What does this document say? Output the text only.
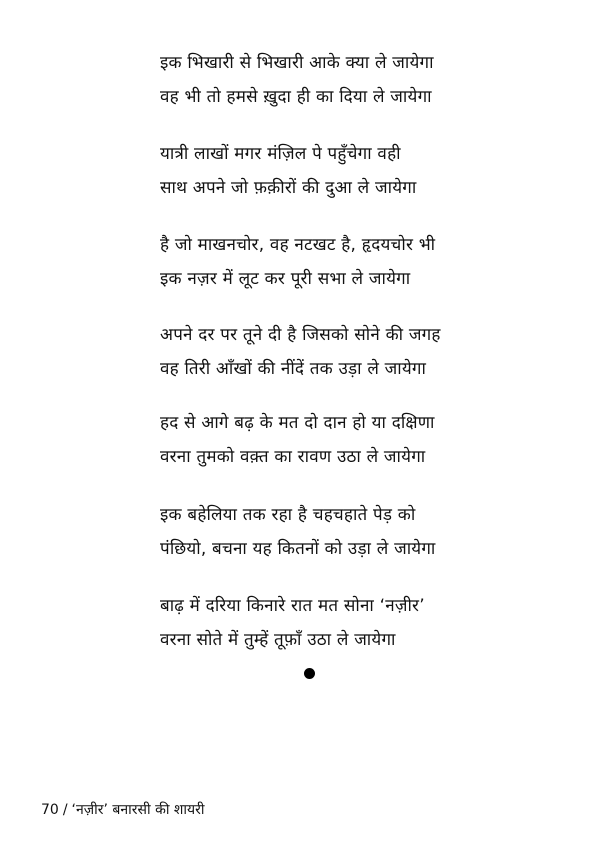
इक भिखारी से भिखारी आके क्या ले जायेगा
वह भी तो हमसे ख़ुदा ही का दिया ले जायेगा
यात्री लाखों मगर मंज़िल पे पहुँचेगा वही
साथ अपने जो फ़क़ीरों की दुआ ले जायेगा
है जो माखनचोर, वह नटखट है, हृदयचोर भी
इक नज़र में लूट कर पूरी सभा ले जायेगा
अपने दर पर तूने दी है जिसको सोने की जगह
वह तिरी आँखों की नींदें तक उड़ा ले जायेगा
हद से आगे बढ़ के मत दो दान हो या दक्षिणा
वरना तुमको वक़्त का रावण उठा ले जायेगा
इक बहेलिया तक रहा है चहचहाते पेड़ को
पंछियो, बचना यह कितनों को उड़ा ले जायेगा
बाढ़ में दरिया किनारे रात मत सोना ‘नज़ीर’
वरना सोते में तुम्हें तूफ़ाँ उठा ले जायेगा
70 / ‘नज़ीर’ बनारसी की शायरी
